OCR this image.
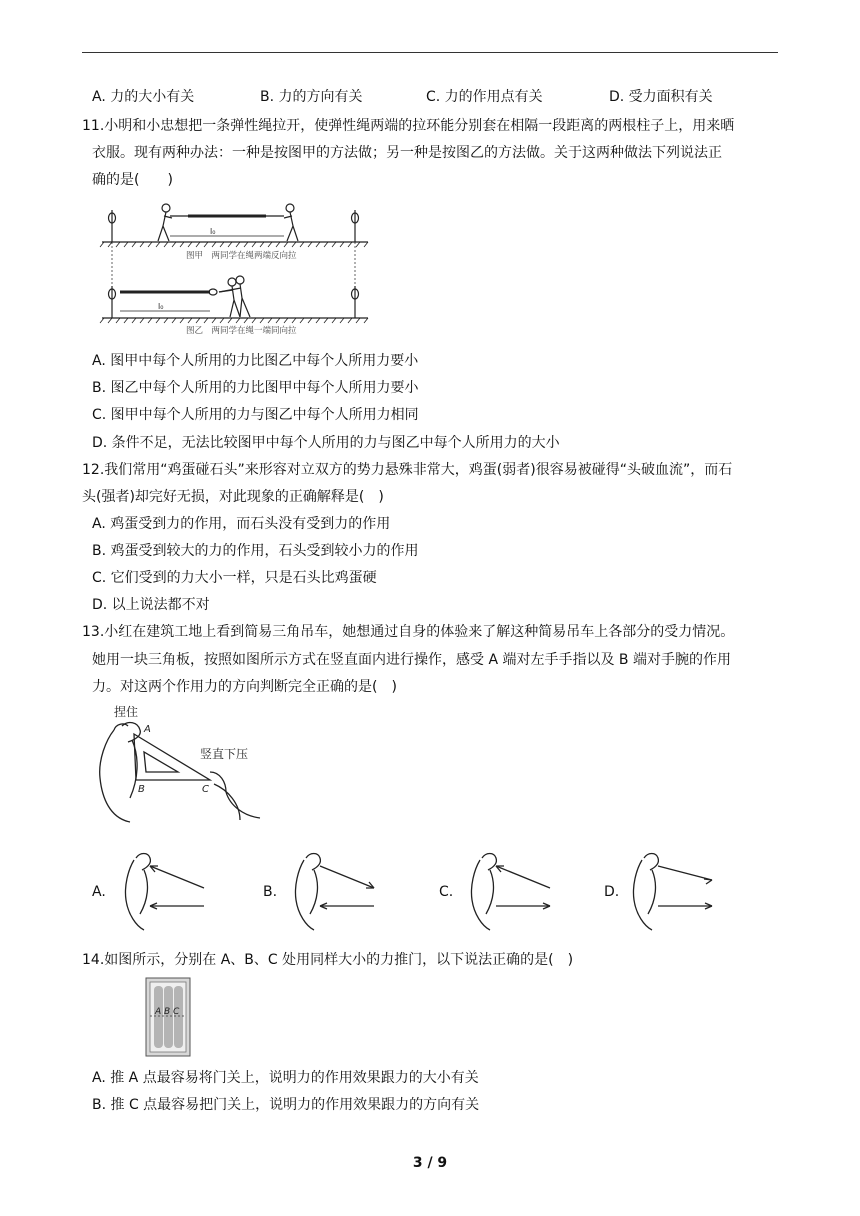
A. 力的大小有关	B. 力的方向有关	C. 力的作用点有关	D. 受力面积有关
11.小明和小忠想把一条弹性绳拉开，使弹性绳两端的拉环能分别套在相隔一段距离的两根柱子上，用来晒
衣服。现有两种办法：一种是按图甲的方法做；另一种是按图乙的方法做。关于这两种做法下列说法正
确的是(　　)
l₀
l₀
图甲　两同学在绳两端反向拉
图乙　两同学在绳一端同向拉
A. 图甲中每个人所用的力比图乙中每个人所用力要小
B. 图乙中每个人所用的力比图甲中每个人所用力要小
C. 图甲中每个人所用的力与图乙中每个人所用力相同
D. 条件不足，无法比较图甲中每个人所用的力与图乙中每个人所用力的大小
12.我们常用“鸡蛋碰石头”来形容对立双方的势力悬殊非常大，鸡蛋(弱者)很容易被碰得“头破血流”，而石
头(强者)却完好无损，对此现象的正确解释是(　)
A. 鸡蛋受到力的作用，而石头没有受到力的作用
B. 鸡蛋受到较大的力的作用，石头受到较小力的作用
C. 它们受到的力大小一样，只是石头比鸡蛋硬
D. 以上说法都不对
13.小红在建筑工地上看到简易三角吊车，她想通过自身的体验来了解这种简易吊车上各部分的受力情况。
她用一块三角板，按照如图所示方式在竖直面内进行操作，感受 A 端对左手手指以及 B 端对手腕的作用
力。对这两个作用力的方向判断完全正确的是(　)
捏住
竖直下压
A
B	C
A.	B.	C.	D.
14.如图所示，分别在 A、B、C 处用同样大小的力推门，以下说法正确的是(　)
A B C
A. 推 A 点最容易将门关上，说明力的作用效果跟力的大小有关
B. 推 C 点最容易把门关上，说明力的作用效果跟力的方向有关
3 / 9
